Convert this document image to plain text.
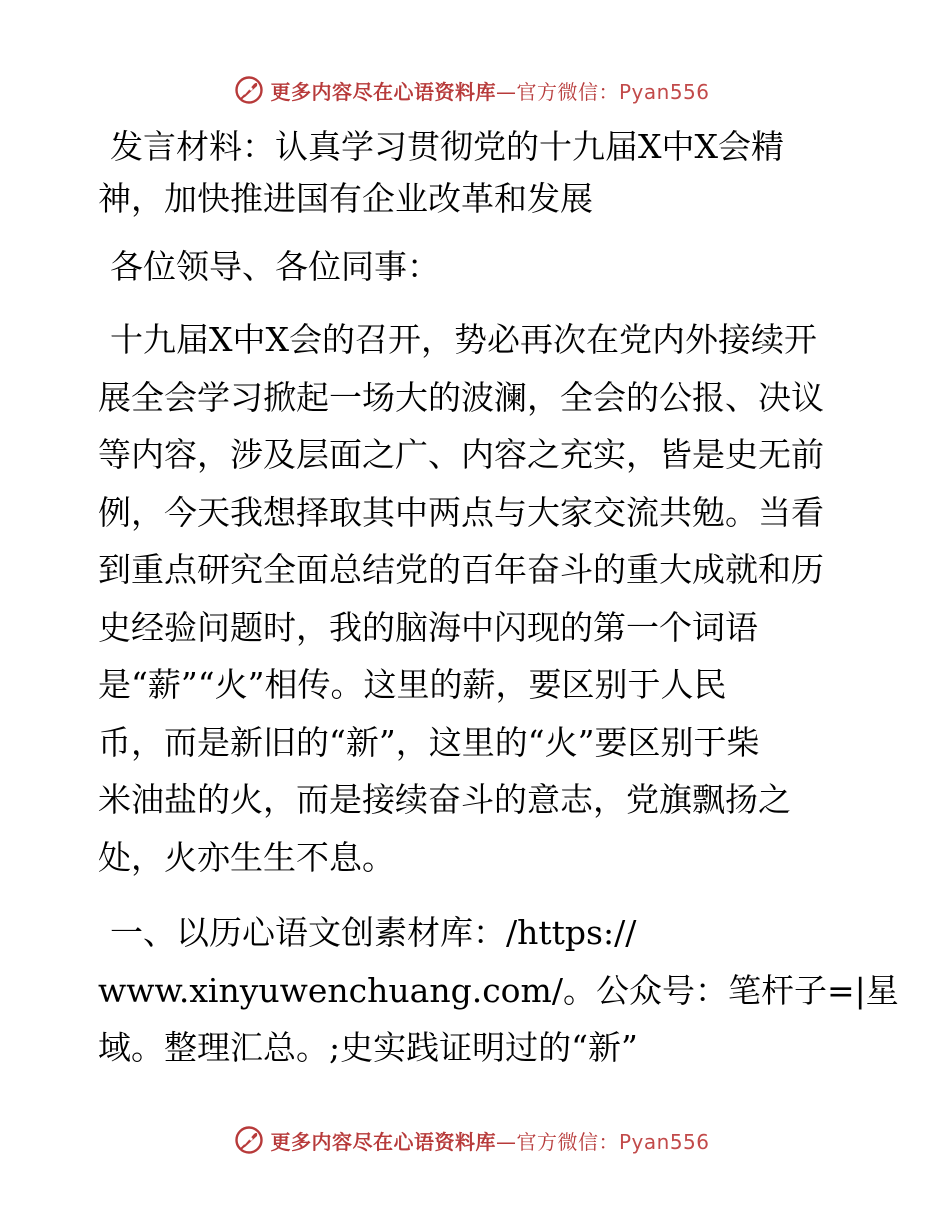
更多内容尽在心语资料库—官方微信：Pyan556
发言材料：认真学习贯彻党的十九届X中X会精
神，加快推进国有企业改革和发展

各位领导、各位同事：

十九届X中X会的召开，势必再次在党内外接续开
展全会学习掀起一场大的波澜，全会的公报、决议
等内容，涉及层面之广、内容之充实，皆是史无前
例，今天我想择取其中两点与大家交流共勉。当看
到重点研究全面总结党的百年奋斗的重大成就和历
史经验问题时，我的脑海中闪现的第一个词语
是“薪”“火”相传。这里的薪，要区别于人民
币，而是新旧的“新”，这里的“火”要区别于柴
米油盐的火，而是接续奋斗的意志，党旗飘扬之
处，火亦生生不息。

一、以历心语文创素材库：/https://
www.xinyuwenchuang.com/。公众号：笔杆子=|星
域。整理汇总。;史实践证明过的“新”

更多内容尽在心语资料库—官方微信：Pyan556
